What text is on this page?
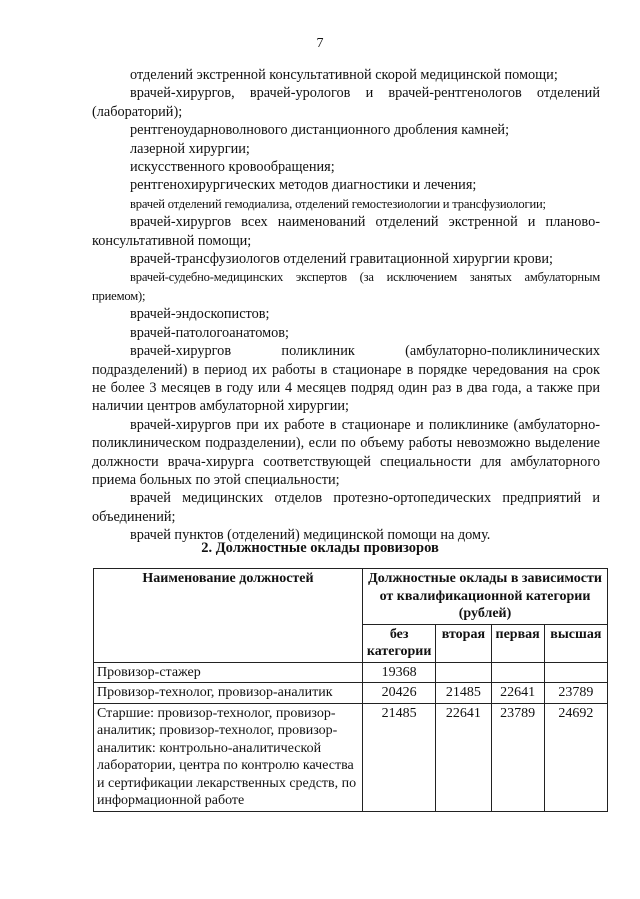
7

отделений экстренной консультативной скорой медицинской помощи;

врачей-хирургов, врачей-урологов и врачей-рентгенологов отделений (лабораторий);

рентгеноударноволнового дистанционного дробления камней;

лазерной хирургии;

искусственного кровообращения;

рентгенохирургических методов диагностики и лечения;

врачей отделений гемодиализа, отделений гемостезиологии и трансфузиологии;

врачей-хирургов всех наименований отделений экстренной и планово-консультативной помощи;

врачей-трансфузиологов отделений гравитационной хирургии крови;

врачей-судебно-медицинских экспертов (за исключением занятых амбулаторным приемом);

врачей-эндоскопистов;

врачей-патологоанатомов;

врачей-хирургов поликлиник (амбулаторно-поликлинических подразделений) в период их работы в стационаре в порядке чередования на срок не более 3 месяцев в году или 4 месяцев подряд один раз в два года, а также при наличии центров амбулаторной хирургии;

врачей-хирургов при их работе в стационаре и поликлинике (амбулаторно-поликлиническом подразделении), если по объему работы невозможно выделение должности врача-хирурга соответствующей специальности для амбулаторного приема больных по этой специальности;

врачей медицинских отделов протезно-ортопедических предприятий и объединений;

врачей пунктов (отделений) медицинской помощи на дому.

2. Должностные оклады провизоров
Наименование должностей	Должностные оклады в зависимости от квалификационной категории (рублей)			
	без категории	вторая	первая	высшая
Провизор-стажер	19368			
Провизор-технолог, провизор-аналитик	20426	21485	22641	23789
Старшие: провизор-технолог, провизор-аналитик; провизор-технолог, провизор-аналитик: контрольно-аналитической лаборатории, центра по контролю качества и сертификации лекарственных средств, по информационной работе	21485	22641	23789	24692
